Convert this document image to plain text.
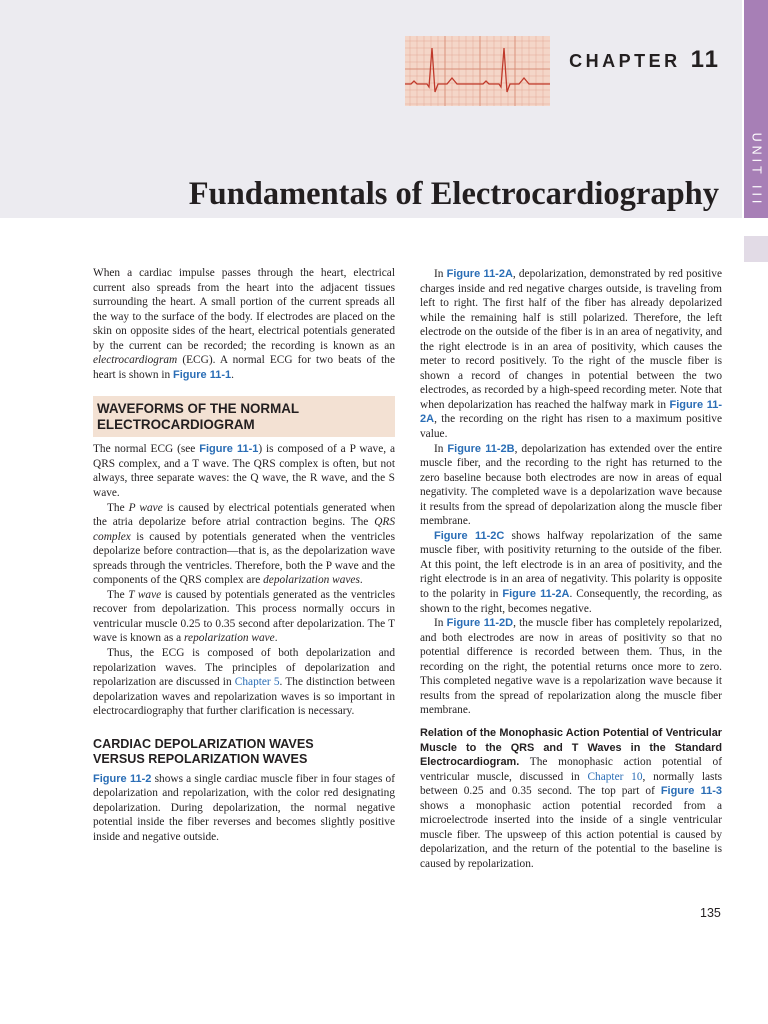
CHAPTER 11
Fundamentals of Electrocardiography UNIT III

When a cardiac impulse passes through the heart, electrical current also spreads from the heart into the adjacent tissues surrounding the heart. A small portion of the current spreads all the way to the surface of the body. If electrodes are placed on the skin on opposite sides of the heart, electrical potentials generated by the current can be recorded; the recording is known as an electrocardiogram (ECG). A normal ECG for two beats of the heart is shown in Figure 11-1.

WAVEFORMS OF THE NORMAL ELECTROCARDIOGRAM

The normal ECG (see Figure 11-1) is composed of a P wave, a QRS complex, and a T wave. The QRS complex is often, but not always, three separate waves: the Q wave, the R wave, and the S wave.

The P wave is caused by electrical potentials generated when the atria depolarize before atrial contraction begins. The QRS complex is caused by potentials generated when the ventricles depolarize before contraction—that is, as the depolarization wave spreads through the ventricles. Therefore, both the P wave and the components of the QRS complex are depolarization waves.

The T wave is caused by potentials generated as the ventricles recover from depolarization. This process normally occurs in ventricular muscle 0.25 to 0.35 second after depolarization. The T wave is known as a repolarization wave.

Thus, the ECG is composed of both depolarization and repolarization waves. The principles of depolarization and repolarization are discussed in Chapter 5. The distinction between depolarization waves and repolarization waves is so important in electrocardiography that further clarification is necessary.

CARDIAC DEPOLARIZATION WAVES VERSUS REPOLARIZATION WAVES

Figure 11-2 shows a single cardiac muscle fiber in four stages of depolarization and repolarization, with the color red designating depolarization. During depolarization, the normal negative potential inside the fiber reverses and becomes slightly positive inside and negative outside.

In Figure 11-2A, depolarization, demonstrated by red positive charges inside and red negative charges outside, is traveling from left to right. The first half of the fiber has already depolarized while the remaining half is still polarized. Therefore, the left electrode on the outside of the fiber is in an area of negativity, and the right electrode is in an area of positivity, which causes the meter to record positively. To the right of the muscle fiber is shown a record of changes in potential between the two electrodes, as recorded by a high-speed recording meter. Note that when depolarization has reached the halfway mark in Figure 11-2A, the recording on the right has risen to a maximum positive value.

In Figure 11-2B, depolarization has extended over the entire muscle fiber, and the recording to the right has returned to the zero baseline because both electrodes are now in areas of equal negativity. The completed wave is a depolarization wave because it results from the spread of depolarization along the muscle fiber membrane.

Figure 11-2C shows halfway repolarization of the same muscle fiber, with positivity returning to the outside of the fiber. At this point, the left electrode is in an area of positivity, and the right electrode is in an area of negativity. This polarity is opposite to the polarity in Figure 11-2A. Consequently, the recording, as shown to the right, becomes negative.

In Figure 11-2D, the muscle fiber has completely repolarized, and both electrodes are now in areas of positivity so that no potential difference is recorded between them. Thus, in the recording on the right, the potential returns once more to zero. This completed negative wave is a repolarization wave because it results from the spread of repolarization along the muscle fiber membrane.

Relation of the Monophasic Action Potential of Ventricular Muscle to the QRS and T Waves in the Standard Electrocardiogram. The monophasic action potential of ventricular muscle, discussed in Chapter 10, normally lasts between 0.25 and 0.35 second. The top part of Figure 11-3 shows a monophasic action potential recorded from a microelectrode inserted into the inside of a single ventricular muscle fiber. The upsweep of this action potential is caused by depolarization, and the return of the potential to the baseline is caused by repolarization.

135
